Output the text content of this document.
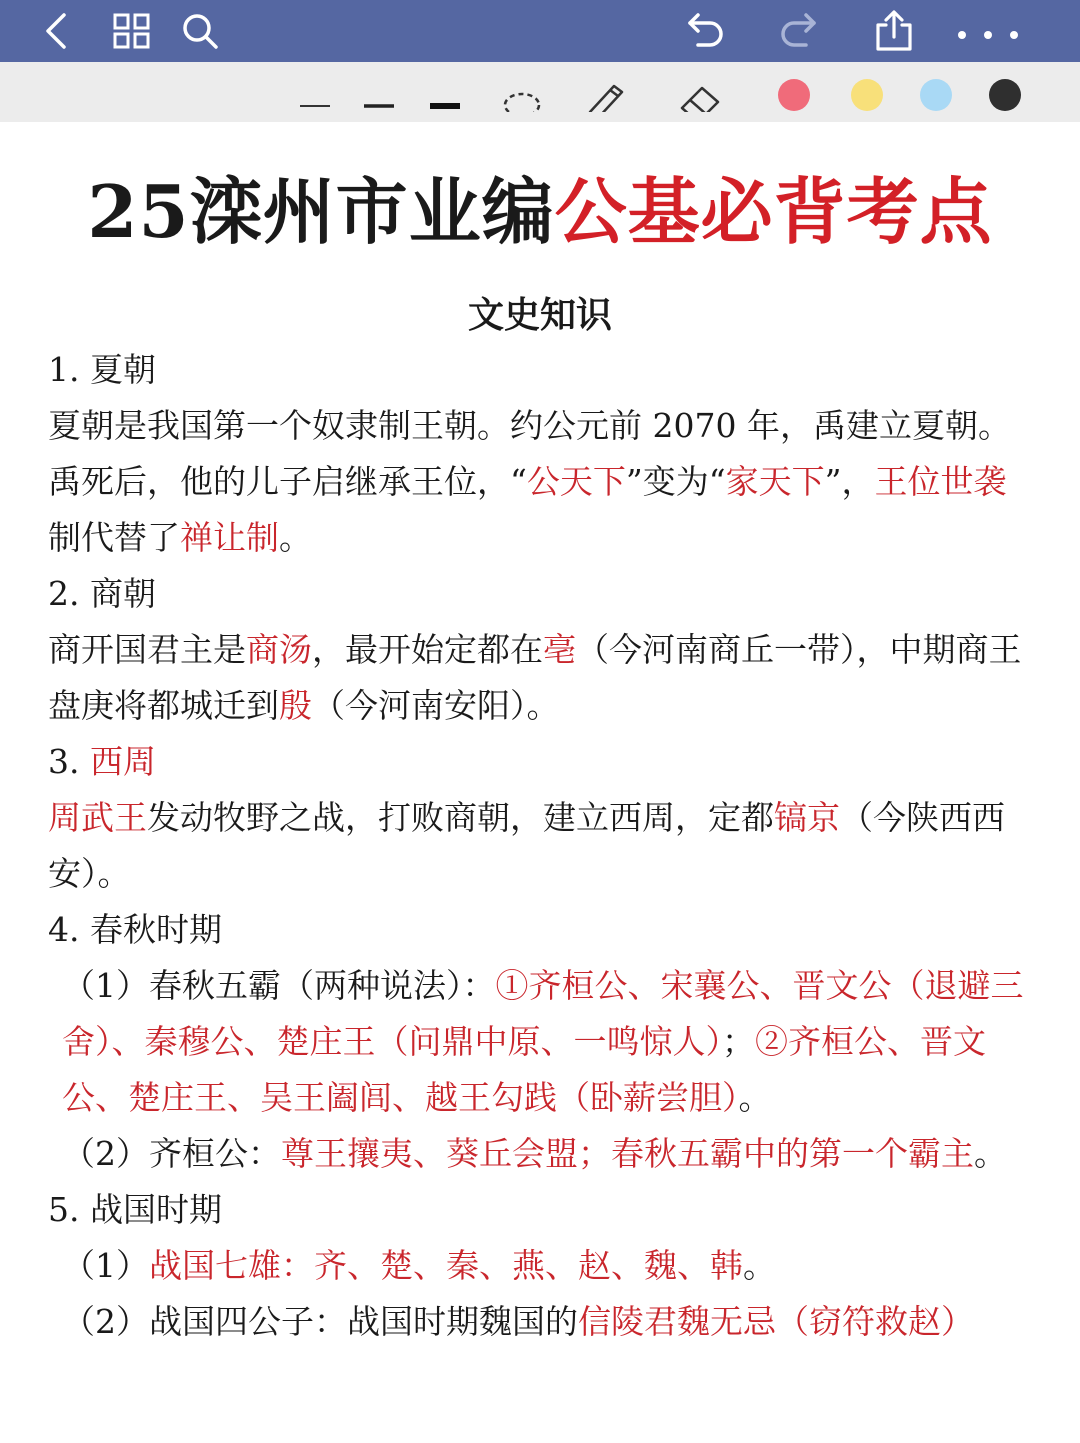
25滦州市业编公基必背考点
文史知识

1. 夏朝

夏朝是我国第一个奴隶制王朝。约公元前 2070 年，禹建立夏朝。禹死后，他的儿子启继承王位，“公天下”变为“家天下”，王位世袭制代替了禅让制。

2. 商朝

商开国君主是商汤，最开始定都在亳（今河南商丘一带），中期商王盘庚将都城迁到殷（今河南安阳）。

3. 西周

周武王发动牧野之战，打败商朝，建立西周，定都镐京（今陕西西安）。

4. 春秋时期

（1）春秋五霸（两种说法）：①齐桓公、宋襄公、晋文公（退避三舍）、秦穆公、楚庄王（问鼎中原、一鸣惊人）；②齐桓公、晋文公、楚庄王、吴王阖闾、越王勾践（卧薪尝胆）。

（2）齐桓公：尊王攘夷、葵丘会盟；春秋五霸中的第一个霸主。

5. 战国时期

（1）战国七雄：齐、楚、秦、燕、赵、魏、韩。

（2）战国四公子：战国时期魏国的信陵君魏无忌（窃符救赵）
